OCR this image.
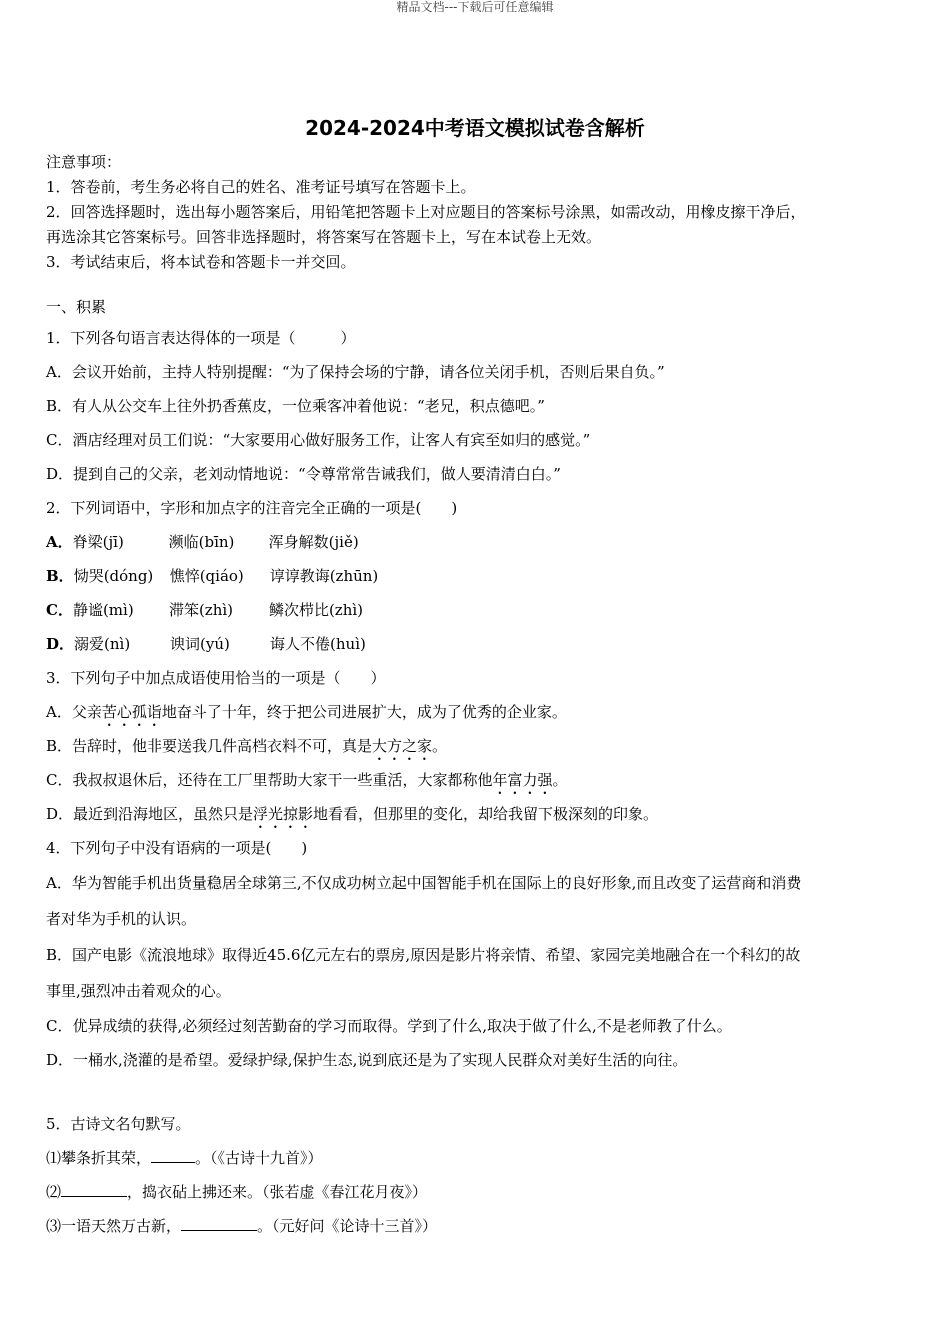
精品文档---下载后可任意编辑
2024-2024中考语文模拟试卷含解析
注意事项：
1．答卷前，考生务必将自己的姓名、准考证号填写在答题卡上。
2．回答选择题时，选出每小题答案后，用铅笔把答题卡上对应题目的答案标号涂黑，如需改动，用橡皮擦干净后，
再选涂其它答案标号。回答非选择题时，将答案写在答题卡上，写在本试卷上无效。
3．考试结束后，将本试卷和答题卡一并交回。
一、积累
1．下列各句语言表达得体的一项是（　　　）
A．会议开始前，主持人特别提醒：“为了保持会场的宁静，请各位关闭手机，否则后果自负。”
B．有人从公交车上往外扔香蕉皮，一位乘客冲着他说：“老兄，积点德吧。”
C．酒店经理对员工们说：“大家要用心做好服务工作，让客人有宾至如归的感觉。”
D．提到自己的父亲，老刘动情地说：“令尊常常告诫我们，做人要清清白白。”
2．下列词语中，字形和加点字的注音完全正确的一项是(　　)
A．脊梁(jī)	濒临(bīn) 浑身解数(jiě)
B．恸哭(dóng) 憔悴(qiáo) 谆谆教诲(zhūn)
C．静谧(mì) 滞笨(zhì) 鳞次栉比(zhì)
D．溺爱(nì)	谀词(yú)	诲人不倦(huì)
3．下列句子中加点成语使用恰当的一项是（　　）
A．父亲苦心孤诣地奋斗了十年，终于把公司进展扩大，成为了优秀的企业家。
B．告辞时，他非要送我几件高档衣料不可，真是大方之家。
C．我叔叔退休后，还待在工厂里帮助大家干一些重活，大家都称他年富力强。
D．最近到沿海地区，虽然只是浮光掠影地看看，但那里的变化，却给我留下极深刻的印象。
4．下列句子中没有语病的一项是(　　)
A．华为智能手机出货量稳居全球第三,不仅成功树立起中国智能手机在国际上的良好形象,而且改变了运营商和消费
者对华为手机的认识。
B．国产电影《流浪地球》取得近45.6亿元左右的票房,原因是影片将亲情、希望、家园完美地融合在一个科幻的故
事里,强烈冲击着观众的心。
C．优异成绩的获得,必须经过刻苦勤奋的学习而取得。学到了什么,取决于做了什么,不是老师教了什么。
D．一桶水,浇灌的是希望。爱绿护绿,保护生态,说到底还是为了实现人民群众对美好生活的向往。
5．古诗文名句默写。
⑴攀条折其荣，	。（《古诗十九首》）
⑵	，捣衣砧上拂还来。（张若虚《春江花月夜》）
⑶一语天然万古新，	。（元好问《论诗十三首》）
